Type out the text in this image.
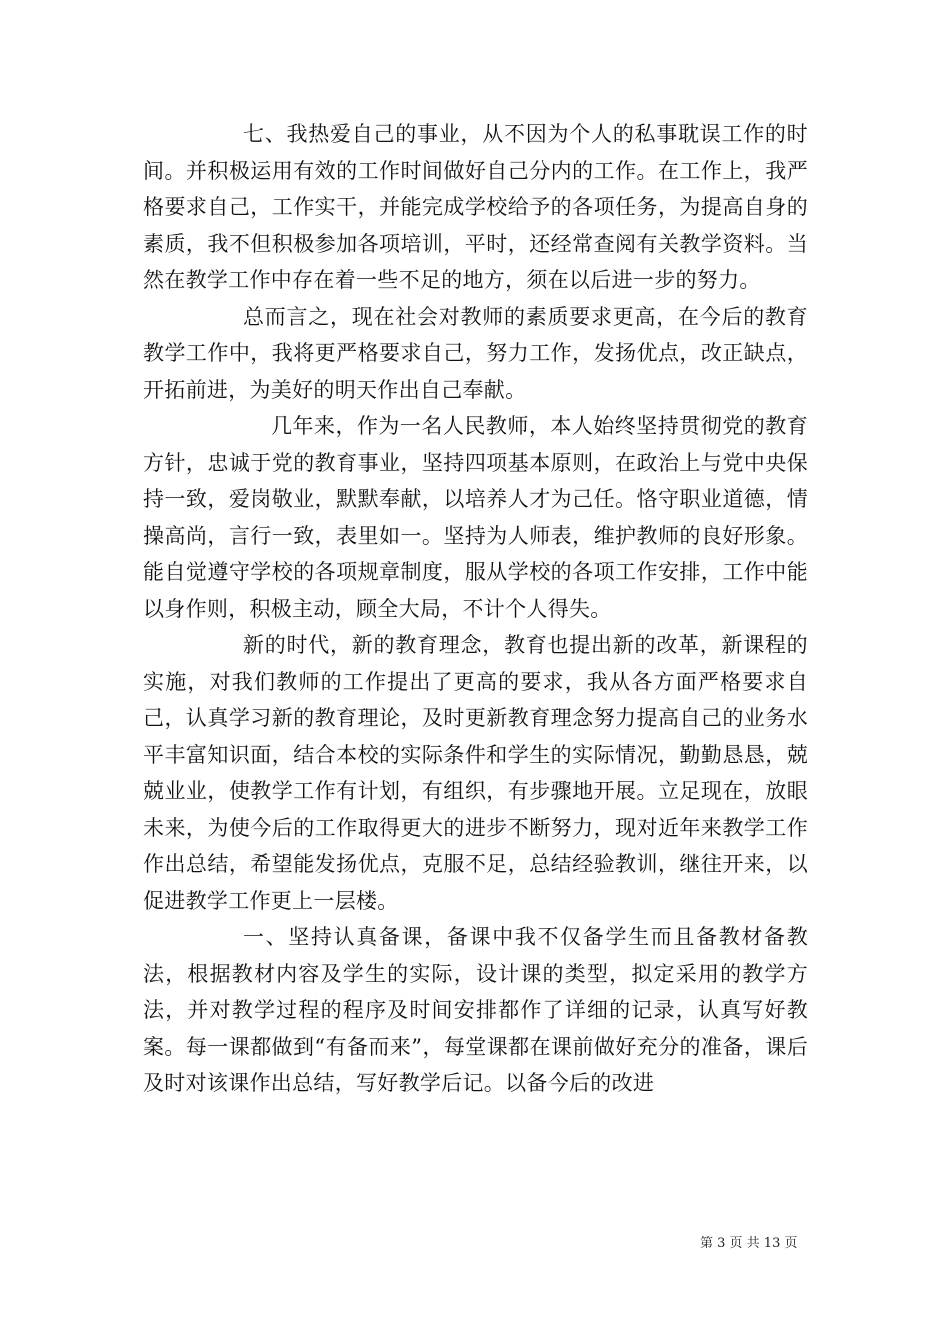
七、我热爱自己的事业，从不因为个人的私事耽误工作的时间。并积极运用有效的工作时间做好自己分内的工作。在工作上，我严格要求自己，工作实干，并能完成学校给予的各项任务，为提高自身的素质，我不但积极参加各项培训，平时，还经常查阅有关教学资料。当然在教学工作中存在着一些不足的地方，须在以后进一步的努力。

总而言之，现在社会对教师的素质要求更高，在今后的教育教学工作中，我将更严格要求自己，努力工作，发扬优点，改正缺点，开拓前进，为美好的明天作出自己奉献。

几年来，作为一名人民教师，本人始终坚持贯彻党的教育方针，忠诚于党的教育事业，坚持四项基本原则，在政治上与党中央保持一致，爱岗敬业，默默奉献，以培养人才为己任。恪守职业道德，情操高尚，言行一致，表里如一。坚持为人师表，维护教师的良好形象。能自觉遵守学校的各项规章制度，服从学校的各项工作安排，工作中能以身作则，积极主动，顾全大局，不计个人得失。

新的时代，新的教育理念，教育也提出新的改革，新课程的实施，对我们教师的工作提出了更高的要求，我从各方面严格要求自己，认真学习新的教育理论，及时更新教育理念努力提高自己的业务水平丰富知识面，结合本校的实际条件和学生的实际情况，勤勤恳恳，兢兢业业，使教学工作有计划，有组织，有步骤地开展。立足现在，放眼未来，为使今后的工作取得更大的进步不断努力，现对近年来教学工作作出总结，希望能发扬优点，克服不足，总结经验教训，继往开来，以促进教学工作更上一层楼。

一、坚持认真备课，备课中我不仅备学生而且备教材备教法，根据教材内容及学生的实际，设计课的类型，拟定采用的教学方法，并对教学过程的程序及时间安排都作了详细的记录，认真写好教案。每一课都做到“有备而来”，每堂课都在课前做好充分的准备，课后及时对该课作出总结，写好教学后记。以备今后的改进

第 3 页 共 13 页
